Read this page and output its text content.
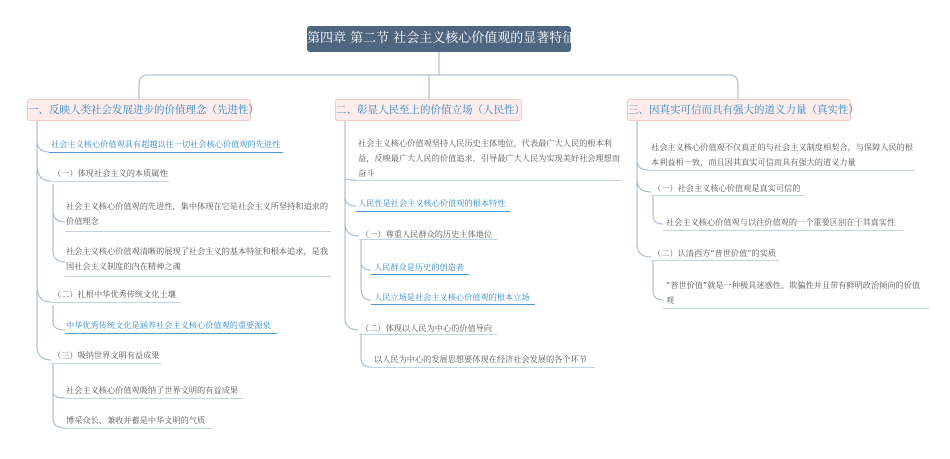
第四章 第二节 社会主义核心价值观的显著特征
一、反映人类社会发展进步的价值理念（先进性）
社会主义核心价值观具有超越以往一切社会核心价值观的先进性
（一）体现社会主义的本质属性
社会主义核心价值观的先进性，集中体现在它是社会主义所坚持和追求的价值理念
社会主义核心价值观清晰的展现了社会主义的基本特征和根本追求，是我国社会主义制度的内在精神之魂
（二）扎根中华优秀传统文化土壤
中华优秀传统文化是涵养社会主义核心价值观的重要源泉
（三）吸纳世界文明有益成果
社会主义核心价值观吸纳了世界文明的有益成果
博采众长、兼收并蓄是中华文明的气质
二、彰显人民至上的价值立场（人民性）
社会主义核心价值观坚持人民历史主体地位，代表最广大人民的根本利益，反映最广大人民的价值追求，引导最广大人民为实现美好社会理想而奋斗
人民性是社会主义核心价值观的根本特性
（一）尊重人民群众的历史主体地位
人民群众是历史的创造者
人民立场是社会主义核心价值观的根本立场
（二）体现以人民为中心的价值导向
以人民为中心的发展思想要体现在经济社会发展的各个环节
三、因真实可信而具有强大的道义力量（真实性）
社会主义核心价值观不仅真正的与社会主义制度相契合，与保障人民的根本利益相一致，而且因其真实可信而具有强大的道义力量
（一）社会主义核心价值观是真实可信的
社会主义核心价值观与以往价值观的一个重要区别在于其真实性
（二）认清西方“普世价值”的实质
“普世价值”就是一种极具迷惑性、欺骗性并且带有鲜明政治倾向的价值观
